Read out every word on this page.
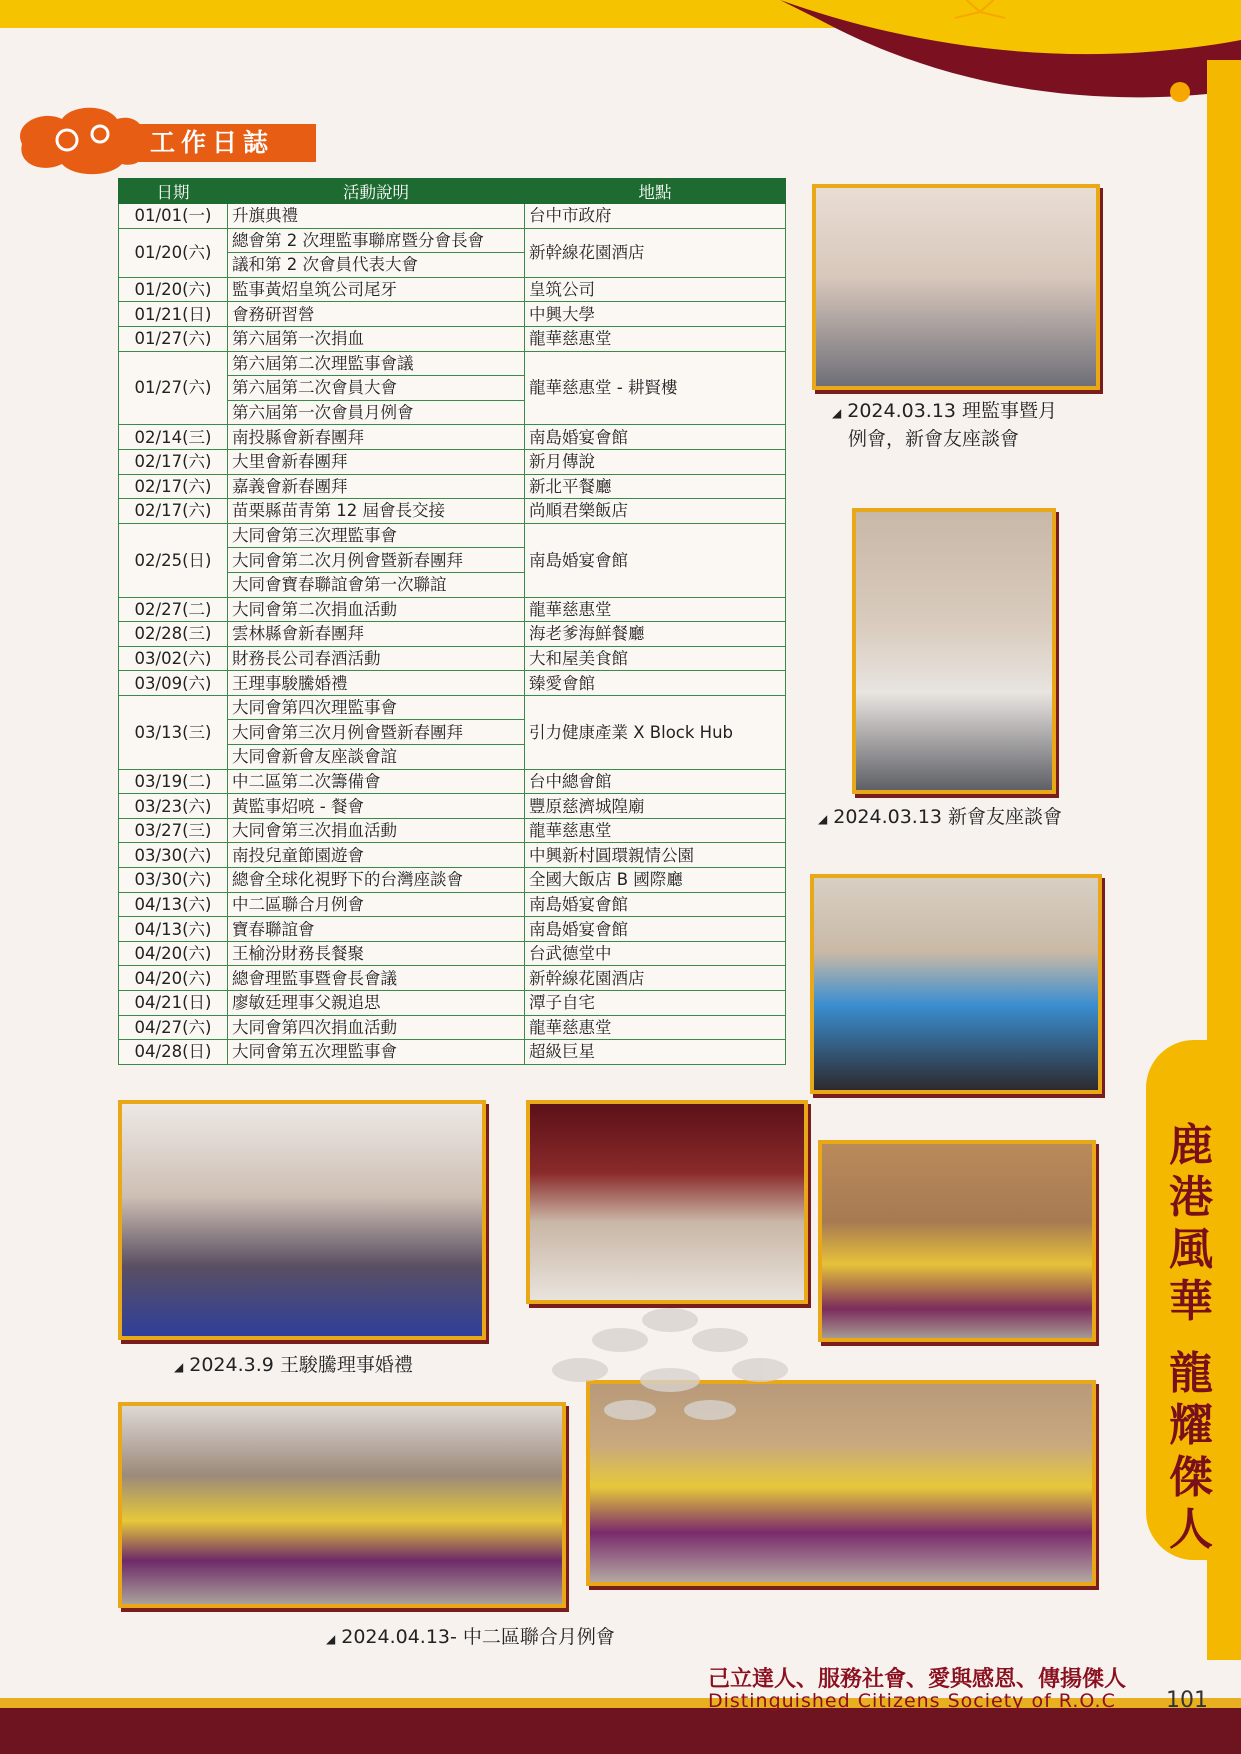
工作日誌
日期	活動說明	地點
01/01(一)	升旗典禮	台中市政府
01/20(六)	總會第 2 次理監事聯席暨分會長會	新幹線花園酒店
	議和第 2 次會員代表大會	
01/20(六)	監事黃炤皇筑公司尾牙	皇筑公司
01/21(日)	會務研習營	中興大學
01/27(六)	第六屆第一次捐血	龍華慈惠堂
01/27(六)	第六屆第二次理監事會議	龍華慈惠堂 - 耕賢樓
	第六屆第二次會員大會	
	第六屆第一次會員月例會	
02/14(三)	南投縣會新春團拜	南島婚宴會館
02/17(六)	大里會新春團拜	新月傳說
02/17(六)	嘉義會新春團拜	新北平餐廳
02/17(六)	苗栗縣苗青第 12 屆會長交接	尚順君樂飯店
02/25(日)	大同會第三次理監事會	南島婚宴會館
	大同會第二次月例會暨新春團拜	
	大同會寶春聯誼會第一次聯誼	
02/27(二)	大同會第二次捐血活動	龍華慈惠堂
02/28(三)	雲林縣會新春團拜	海老爹海鮮餐廳
03/02(六)	財務長公司春酒活動	大和屋美食館
03/09(六)	王理事駿騰婚禮	臻愛會館
03/13(三)	大同會第四次理監事會	引力健康產業 X Block Hub
	大同會第三次月例會暨新春團拜	
	大同會新會友座談會誼	
03/19(二)	中二區第二次籌備會	台中總會館
03/23(六)	黃監事炤喨 - 餐會	豐原慈濟城隍廟
03/27(三)	大同會第三次捐血活動	龍華慈惠堂
03/30(六)	南投兒童節園遊會	中興新村圓環親情公園
03/30(六)	總會全球化視野下的台灣座談會	全國大飯店 B 國際廳
04/13(六)	中二區聯合月例會	南島婚宴會館
04/13(六)	寶春聯誼會	南島婚宴會館
04/20(六)	王榆汾財務長餐聚	台武德堂中
04/20(六)	總會理監事暨會長會議	新幹線花園酒店
04/21(日)	廖敏廷理事父親追思	潭子自宅
04/27(六)	大同會第四次捐血活動	龍華慈惠堂
04/28(日)	大同會第五次理監事會	超級巨星
◢ 2024.03.13 理監事暨月
例會，新會友座談會
◢ 2024.03.13 新會友座談會
◢ 2024.3.9 王駿騰理事婚禮
◢ 2024.04.13- 中二區聯合月例會
鹿
港
風
華
龍
耀
傑
人
己立達人、服務社會、愛與感恩、傳揚傑人
Distinguished Citizens Society of R.O.C 101
